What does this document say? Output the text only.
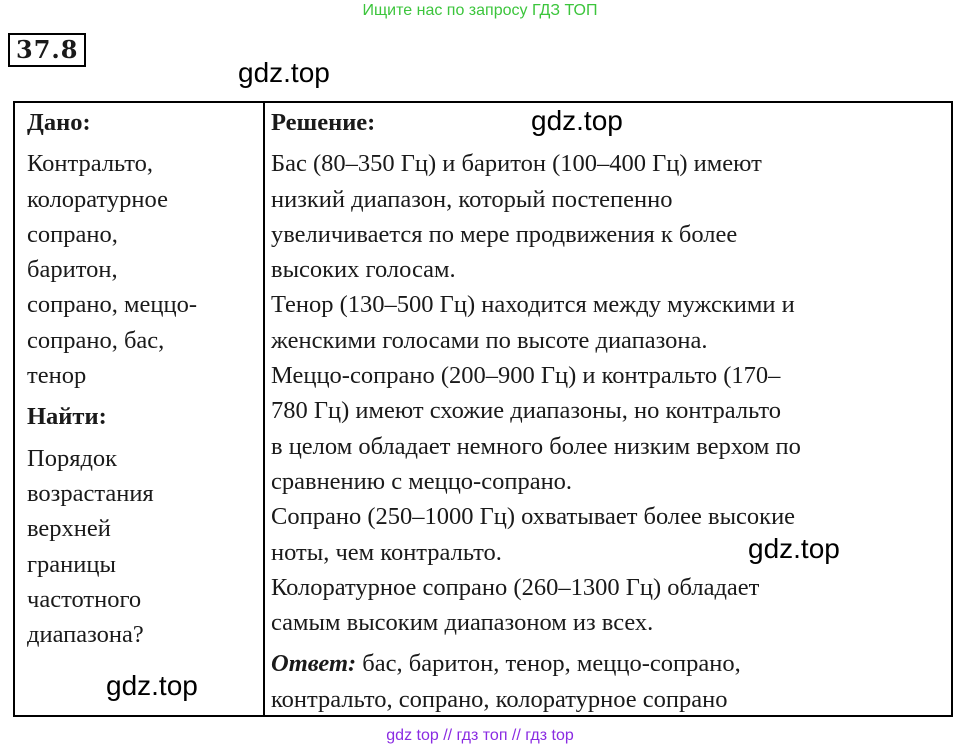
Ищите нас по запросу ГДЗ ТОП
37.8
Дано:
Контральто,
колоратурное
сопрано,
баритон,
сопрано, меццо-
сопрано, бас,
тенор
Найти:
Порядок
возрастания
верхней
границы
частотного
диапазона?
Решение:
Бас (80–350 Гц) и баритон (100–400 Гц) имеют
низкий диапазон, который постепенно
увеличивается по мере продвижения к более
высоких голосам.
Тенор (130–500 Гц) находится между мужскими и
женскими голосами по высоте диапазона.
Меццо-сопрано (200–900 Гц) и контральто (170–
780 Гц) имеют схожие диапазоны, но контральто
в целом обладает немного более низким верхом по
сравнению с меццо-сопрано.
Сопрано (250–1000 Гц) охватывает более высокие
ноты, чем контральто.
Колоратурное сопрано (260–1300 Гц) обладает
самым высоким диапазоном из всех.
Ответ: бас, баритон, тенор, меццо-сопрано,
контральто, сопрано, колоратурное сопрано
gdz.top
gdz.top
gdz.top
gdz.top
gdz top // гдз топ // гдз top
